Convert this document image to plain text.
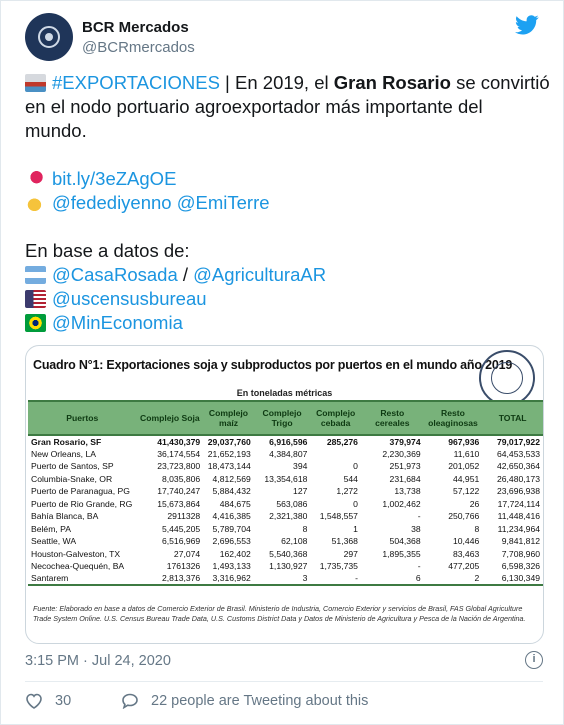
BCR Mercados
@BCRmercados
#EXPORTACIONES | En 2019, el Gran Rosario se convirtió
en el nodo portuario agroexportador más importante del
mundo.
bit.ly/3eZAgOE
@fedediyenno @EmiTerre
En base a datos de:
@CasaRosada / @AgriculturaAR
@uscensusbureau
@MinEconomia
Cuadro N°1: Exportaciones soja y subproductos por puertos en el mundo año 2019
En toneladas métricas
Puertos	Complejo Soja	Complejo maíz	Complejo Trigo	Complejo cebada	Resto cereales	Resto oleaginosas	TOTAL
Gran Rosario, SF	41,430,379	29,037,760	6,916,596	285,276	379,974	967,936	79,017,922
New Orleans, LA	36,174,554	21,652,193	4,384,807		2,230,369	11,610	64,453,533
Puerto de Santos, SP	23,723,800	18,473,144	394	0	251,973	201,052	42,650,364
Columbia-Snake, OR	8,035,806	4,812,569	13,354,618	544	231,684	44,951	26,480,173
Puerto de Paranagua, PG	17,740,247	5,884,432	127	1,272	13,738	57,122	23,696,938
Puerto de Rio Grande, RG	15,673,864	484,675	563,086	0	1,002,462	26	17,724,114
Bahía Blanca, BA	2911328	4,416,385	2,321,380	1,548,557	-	250,766	11,448,416
Belém, PA	5,445,205	5,789,704	8	1	38	8	11,234,964
Seattle, WA	6,516,969	2,696,553	62,108	51,368	504,368	10,446	9,841,812
Houston-Galveston, TX	27,074	162,402	5,540,368	297	1,895,355	83,463	7,708,960
Necochea-Quequén, BA	1761326	1,493,133	1,130,927	1,735,735	-	477,205	6,598,326
Santarem	2,813,376	3,316,962	3	-	6	2	6,130,349
Fuente: Elaborado en base a datos de Comercio Exterior de Brasil. Ministerio de Industria, Comercio Exterior y servicios de Brasil, FAS Global Agriculture Trade System Online. U.S. Census Bureau Trade Data, U.S. Customs District Data y Datos de Ministerio de Agricultura y Pesca de la Nación de Argentina.
3:15 PM · Jul 24, 2020	i
30	22 people are Tweeting about this
